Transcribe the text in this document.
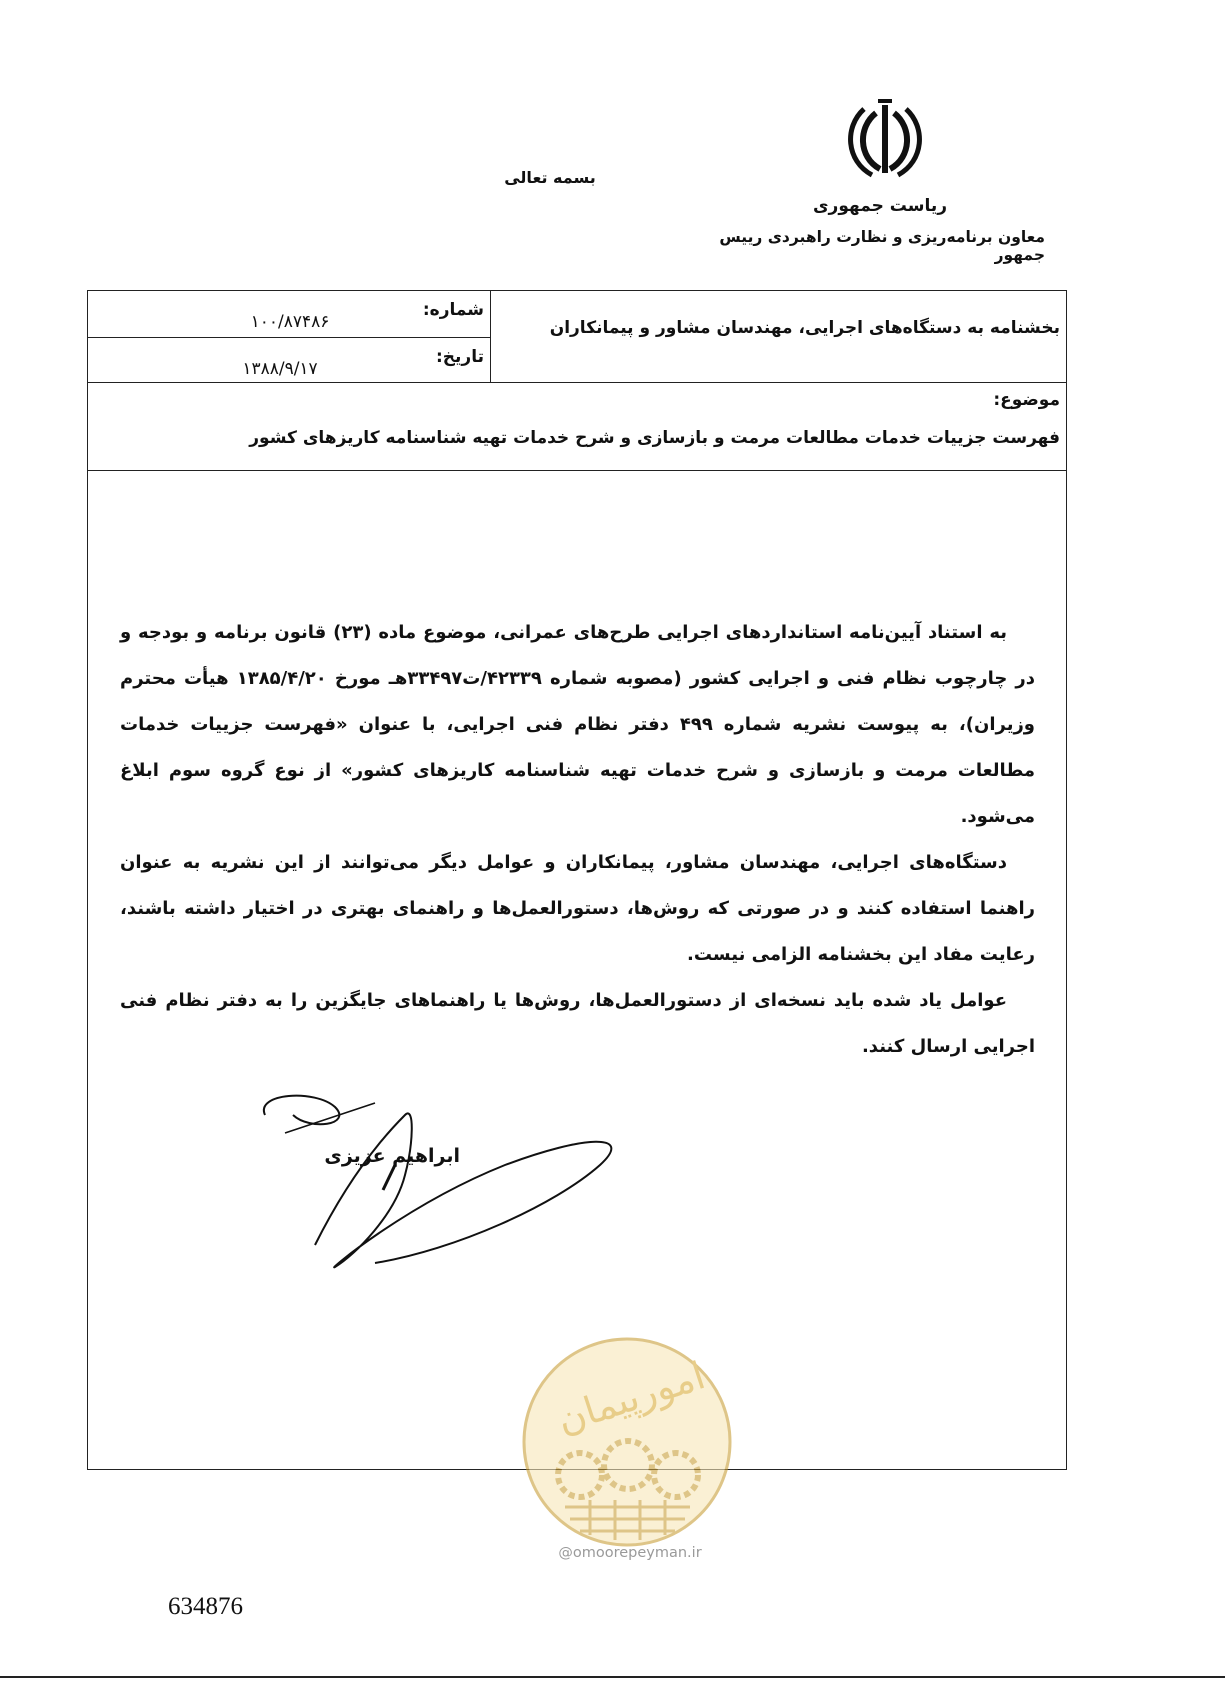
بسمه تعالی
ریاست جمهوری
معاون برنامه‌ریزی و نظارت راهبردی رییس جمهور
بخشنامه به دستگاه‌های اجرایی، مهندسان مشاور و پیمانکاران
شماره:
۱۰۰/۸۷۴۸۶
تاریخ:
۱۳۸۸/۹/۱۷
موضوع:
فهرست جزییات خدمات مطالعات مرمت و بازسازی و شرح خدمات تهیه شناسنامه کاریزهای کشور

به استناد آیین‌نامه استانداردهای اجرایی طرح‌های عمرانی، موضوع ماده (۲۳) قانون برنامه و بودجه و در چارچوب نظام فنی و اجرایی کشور (مصوبه شماره ۴۲۳۳۹/ت۳۳۴۹۷هـ مورخ ۱۳۸۵/۴/۲۰ هیأت محترم وزیران)، به پیوست نشریه شماره ۴۹۹ دفتر نظام فنی اجرایی، با عنوان «فهرست جزییات خدمات مطالعات مرمت و بازسازی و شرح خدمات تهیه شناسنامه کاریزهای کشور» از نوع گروه سوم ابلاغ می‌شود.

دستگاه‌های اجرایی، مهندسان مشاور، پیمانکاران و عوامل دیگر می‌توانند از این نشریه به عنوان راهنما استفاده کنند و در صورتی که روش‌ها، دستورالعمل‌ها و راهنمای بهتری در اختیار داشته باشند، رعایت مفاد این بخشنامه الزامی نیست.

عوامل یاد شده باید نسخه‌ای از دستورالعمل‌ها، روش‌ها یا راهنماهای جایگزین را به دفتر نظام فنی اجرایی ارسال کنند.

ابراهیم عزیزی
امورپیمان
@omoorepeyman.ir
634876
